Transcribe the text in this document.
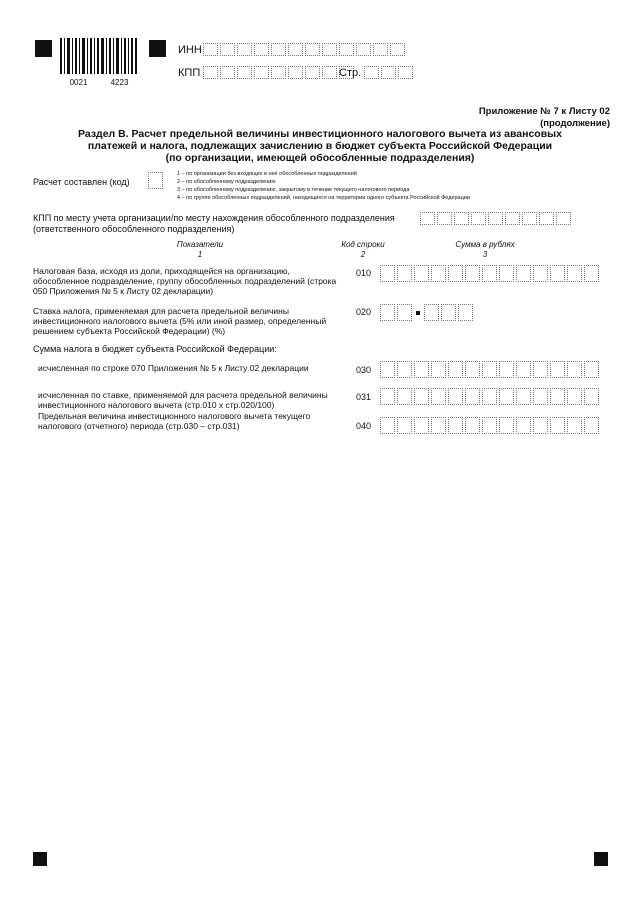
0021	4223
ИНН
КПП	Стр.
Приложение № 7 к Листу 02
(продолжение)
Раздел В. Расчет предельной величины инвестиционного налогового вычета из авансовых
платежей и налога, подлежащих зачислению в бюджет субъекта Российской Федерации
(по организации, имеющей обособленные подразделения)
Расчет составлен (код)
1 – по организации без входящих в неё обособленных подразделений
2 – по обособленному подразделению
3 – по обособленному подразделению, закрытому в течение текущего налогового периода
4 – по группе обособленных подразделений, находящихся на территории одного субъекта Российской Федерации
КПП по месту учета организации/по месту нахождения обособленного подразделения
(ответственного обособленного подразделения)
Показатели
1
Код строки
2
Сумма в рублях
3
Налоговая база, исходя из доли, приходящейся на организацию,
обособленное подразделение, группу обособленных подразделений (строка
050 Приложения № 5 к Листу 02 декларации)
010
Ставка налога, применяемая для расчета предельной величины
инвестиционного налогового вычета (5% или иной размер, определенный
решением субъекта Российской Федерации) (%)
020
Сумма налога в бюджет субъекта Российской Федерации:
исчисленная по строке 070 Приложения № 5 к Листу 02 декларации	030
исчисленная по ставке, применяемой для расчета предельной величины
инвестиционного налогового вычета (стр.010 х стр.020/100)
031
Предельная величина инвестиционного налогового вычета текущего
налогового (отчетного) периода (стр.030 – стр.031)	040
